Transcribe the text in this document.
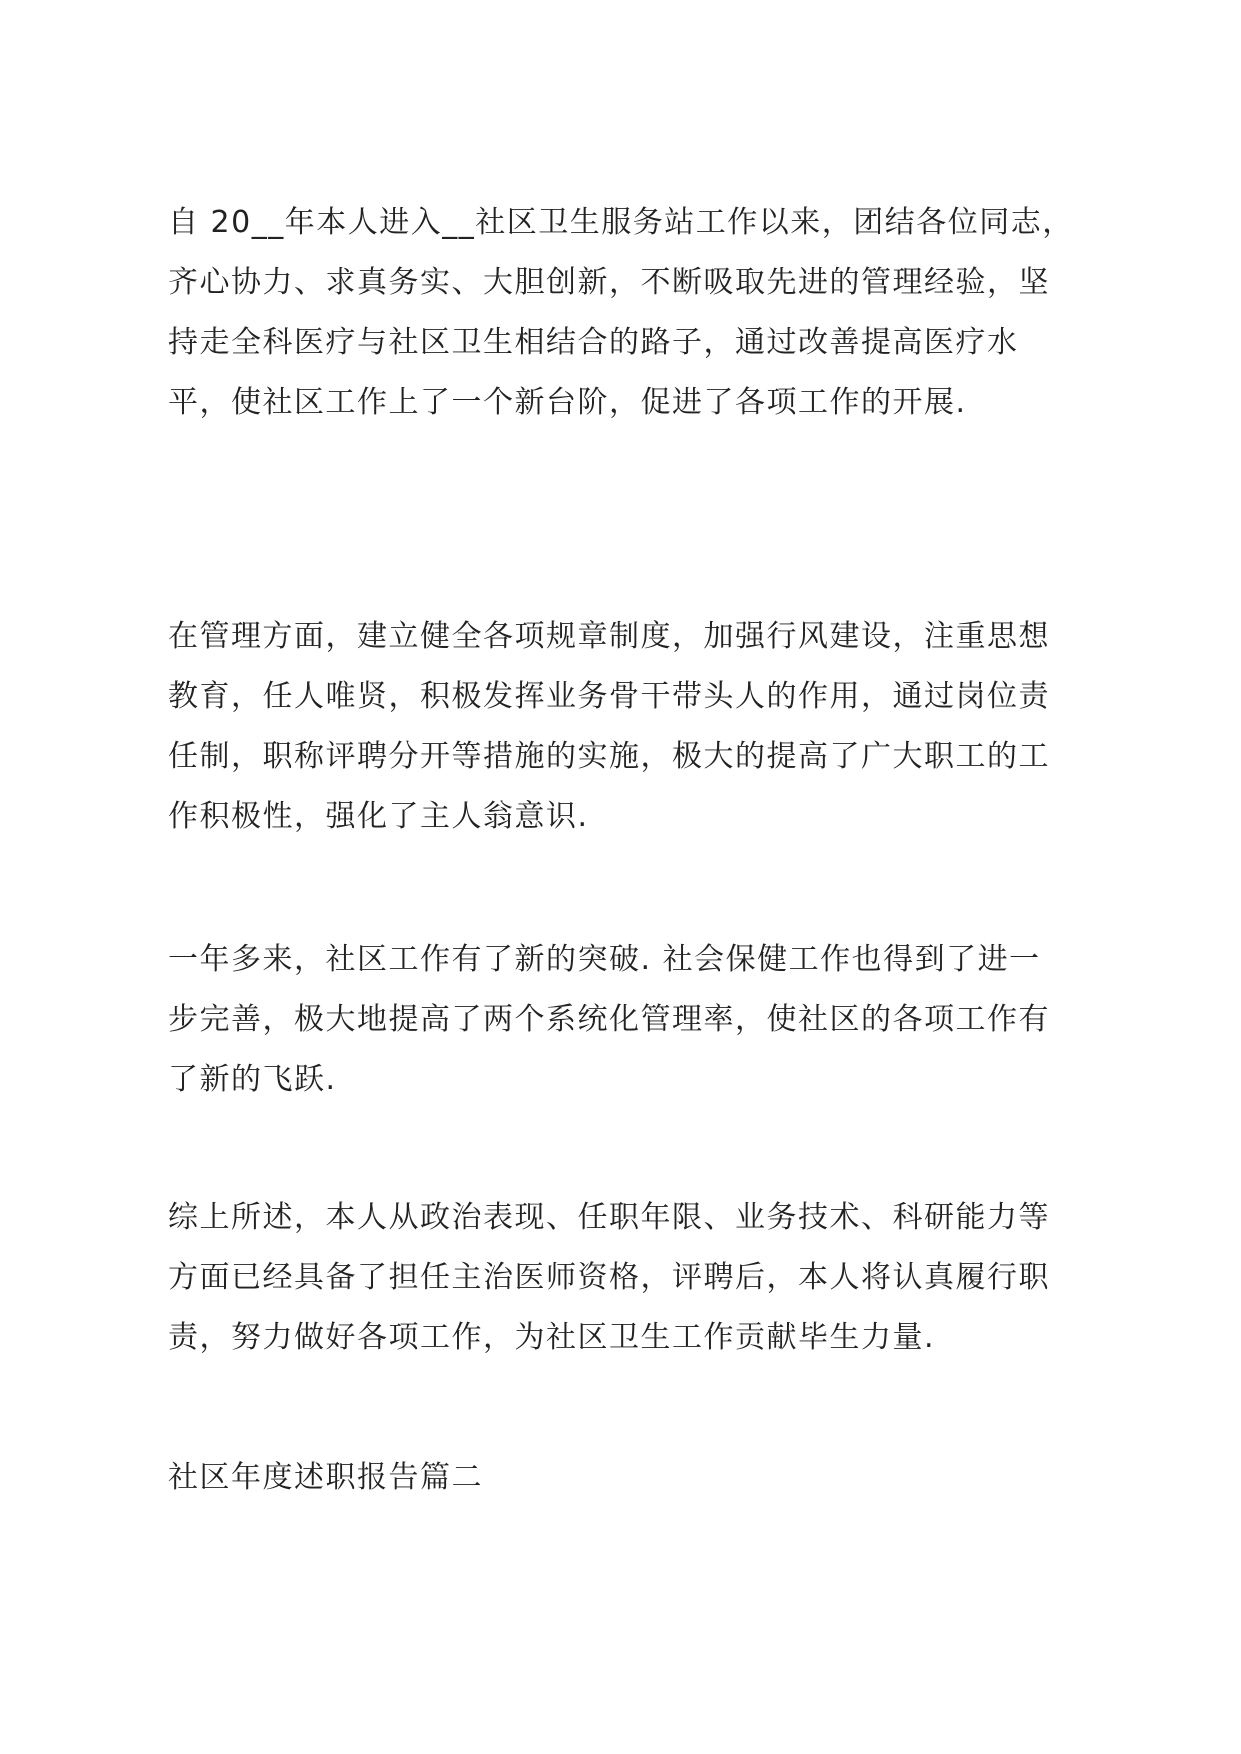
自 20__年本人进入__社区卫生服务站工作以来，团结各位同志，
齐心协力、求真务实、大胆创新，不断吸取先进的管理经验，坚
持走全科医疗与社区卫生相结合的路子，通过改善提高医疗水
平，使社区工作上了一个新台阶，促进了各项工作的开展.
在管理方面，建立健全各项规章制度，加强行风建设，注重思想
教育，任人唯贤，积极发挥业务骨干带头人的作用，通过岗位责
任制，职称评聘分开等措施的实施，极大的提高了广大职工的工
作积极性，强化了主人翁意识.
一年多来，社区工作有了新的突破. 社会保健工作也得到了进一
步完善，极大地提高了两个系统化管理率，使社区的各项工作有
了新的飞跃.
综上所述，本人从政治表现、任职年限、业务技术、科研能力等
方面已经具备了担任主治医师资格，评聘后，本人将认真履行职
责，努力做好各项工作，为社区卫生工作贡献毕生力量.
社区年度述职报告篇二
